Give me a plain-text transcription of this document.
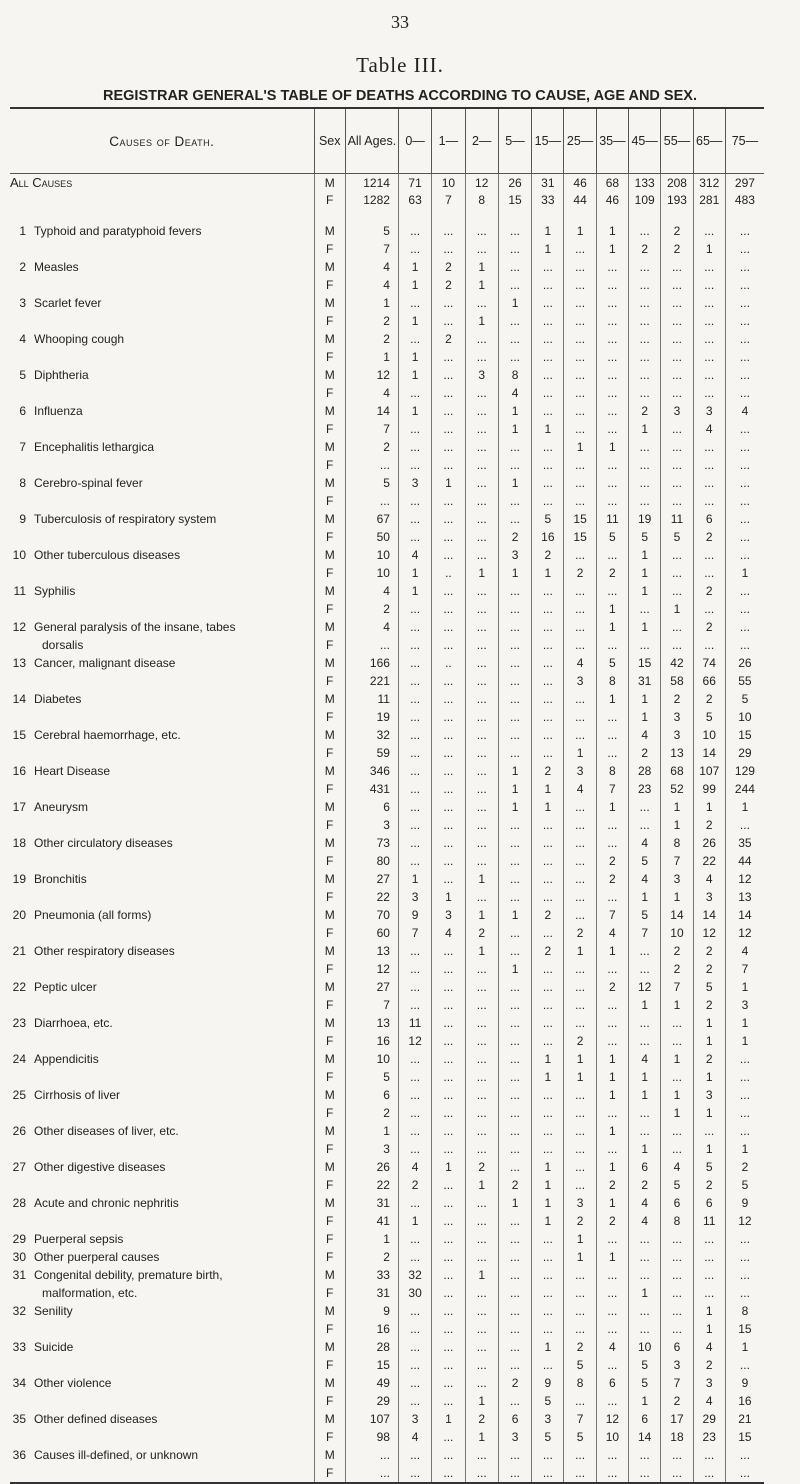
33
Table III.
REGISTRAR GENERAL'S TABLE OF DEATHS ACCORDING TO CAUSE, AGE AND SEX.
Causes of Death.	Sex	All Ages.	0—	1—	2—	5—	15—	25—	35—	45—	55—	65—	75—
All Causes	M	1214	71	10	12	26	31	46	68	133	208	312	297
	F	1282	63	7	8	15	33	44	46	109	193	281	483

1 Typhoid and paratyphoid fevers	M	5	...	...	...	...	1	1	1	...	2	...	...
	F	7	...	...	...	...	1	...	1	2	2	1	...
2 Measles	M	4	1	2	1	...	...	...	...	...	...	...	...
	F	4	1	2	1	...	...	...	...	...	...	...	...
3 Scarlet fever	M	1	...	...	...	1	...	...	...	...	...	...	...
	F	2	1	...	1	...	...	...	...	...	...	...	...
4 Whooping cough	M	2	...	2	...	...	...	...	...	...	...	...	...
	F	1	1	...	...	...	...	...	...	...	...	...	...
5 Diphtheria	M	12	1	...	3	8	...	...	...	...	...	...	...
	F	4	...	...	...	4	...	...	...	...	...	...	...
6 Influenza	M	14	1	...	...	1	...	...	...	2	3	3	4
	F	7	...	...	...	1	1	...	...	1	...	4	...
7 Encephalitis lethargica	M	2	...	...	...	...	...	1	1	...	...	...	...
	F	...	...	...	...	...	...	...	...	...	...	...	...
8 Cerebro-spinal fever	M	5	3	1	...	1	...	...	...	...	...	...	...
	F	...	...	...	...	...	...	...	...	...	...	...	...
9 Tuberculosis of respiratory system	M	67	...	...	...	...	5	15	11	19	11	6	...
	F	50	...	...	...	2	16	15	5	5	5	2	...
10 Other tuberculous diseases	M	10	4	...	...	3	2	...	...	1	...	...	...
	F	10	1	..	1	1	1	2	2	1	...	...	1
11 Syphilis	M	4	1	...	...	...	...	...	...	1	...	2	...
	F	2	...	...	...	...	...	...	1	...	1	...	...
12 General paralysis of the insane, tabes	M	4	...	...	...	...	...	...	1	1	...	2	...
dorsalis	F	...	...	...	...	...	...	...	...	...	...	...	...
13 Cancer, malignant disease	M	166	...	..	...	...	...	4	5	15	42	74	26
	F	221	...	...	...	...	...	3	8	31	58	66	55
14 Diabetes	M	11	...	...	...	...	...	...	1	1	2	2	5
	F	19	...	...	...	...	...	...	...	1	3	5	10
15 Cerebral haemorrhage, etc.	M	32	...	...	...	...	...	...	...	4	3	10	15
	F	59	...	...	...	...	...	1	...	2	13	14	29
16 Heart Disease	M	346	...	...	...	1	2	3	8	28	68	107	129
	F	431	...	...	...	1	1	4	7	23	52	99	244
17 Aneurysm	M	6	...	...	...	1	1	...	1	...	1	1	1
	F	3	...	...	...	...	...	...	...	...	1	2	...
18 Other circulatory diseases	M	73	...	...	...	...	...	...	...	4	8	26	35
	F	80	...	...	...	...	...	...	2	5	7	22	44
19 Bronchitis	M	27	1	...	1	...	...	...	2	4	3	4	12
	F	22	3	1	...	...	...	...	...	1	1	3	13
20 Pneumonia (all forms)	M	70	9	3	1	1	2	...	7	5	14	14	14
	F	60	7	4	2	...	...	2	4	7	10	12	12
21 Other respiratory diseases	M	13	...	...	1	...	2	1	1	...	2	2	4
	F	12	...	...	...	1	...	...	...	...	2	2	7
22 Peptic ulcer	M	27	...	...	...	...	...	...	2	12	7	5	1
	F	7	...	...	...	...	...	...	...	1	1	2	3
23 Diarrhoea, etc.	M	13	11	...	...	...	...	...	...	...	...	1	1
	F	16	12	...	...	...	...	2	...	...	...	1	1
24 Appendicitis	M	10	...	...	...	...	1	1	1	4	1	2	...
	F	5	...	...	...	...	1	1	1	1	...	1	...
25 Cirrhosis of liver	M	6	...	...	...	...	...	...	1	1	1	3	...
	F	2	...	...	...	...	...	...	...	...	1	1	...
26 Other diseases of liver, etc.	M	1	...	...	...	...	...	...	1	...	...	...	...
	F	3	...	...	...	...	...	...	...	1	...	1	1
27 Other digestive diseases	M	26	4	1	2	...	1	...	1	6	4	5	2
	F	22	2	...	1	2	1	...	2	2	5	2	5
28 Acute and chronic nephritis	M	31	...	...	...	1	1	3	1	4	6	6	9
	F	41	1	...	...	...	1	2	2	4	8	11	12
29 Puerperal sepsis	F	1	...	...	...	...	...	1	...	...	...	...	...
30 Other puerperal causes	F	2	...	...	...	...	...	1	1	...	...	...	...
31 Congenital debility, premature birth,	M	33	32	...	1	...	...	...	...	...	...	...	...
malformation, etc.	F	31	30	...	...	...	...	...	...	1	...	...	...
32 Senility	M	9	...	...	...	...	...	...	...	...	...	1	8
	F	16	...	...	...	...	...	...	...	...	...	1	15
33 Suicide	M	28	...	...	...	...	1	2	4	10	6	4	1
	F	15	...	...	...	...	...	5	...	5	3	2	...
34 Other violence	M	49	...	...	...	2	9	8	6	5	7	3	9
	F	29	...	...	1	...	5	...	...	1	2	4	16
35 Other defined diseases	M	107	3	1	2	6	3	7	12	6	17	29	21
	F	98	4	...	1	3	5	5	10	14	18	23	15
36 Causes ill-defined, or unknown	M	...	...	...	...	...	...	...	...	...	...	...	...
	F	...	...	...	...	...	...	...	...	...	...	...	...
